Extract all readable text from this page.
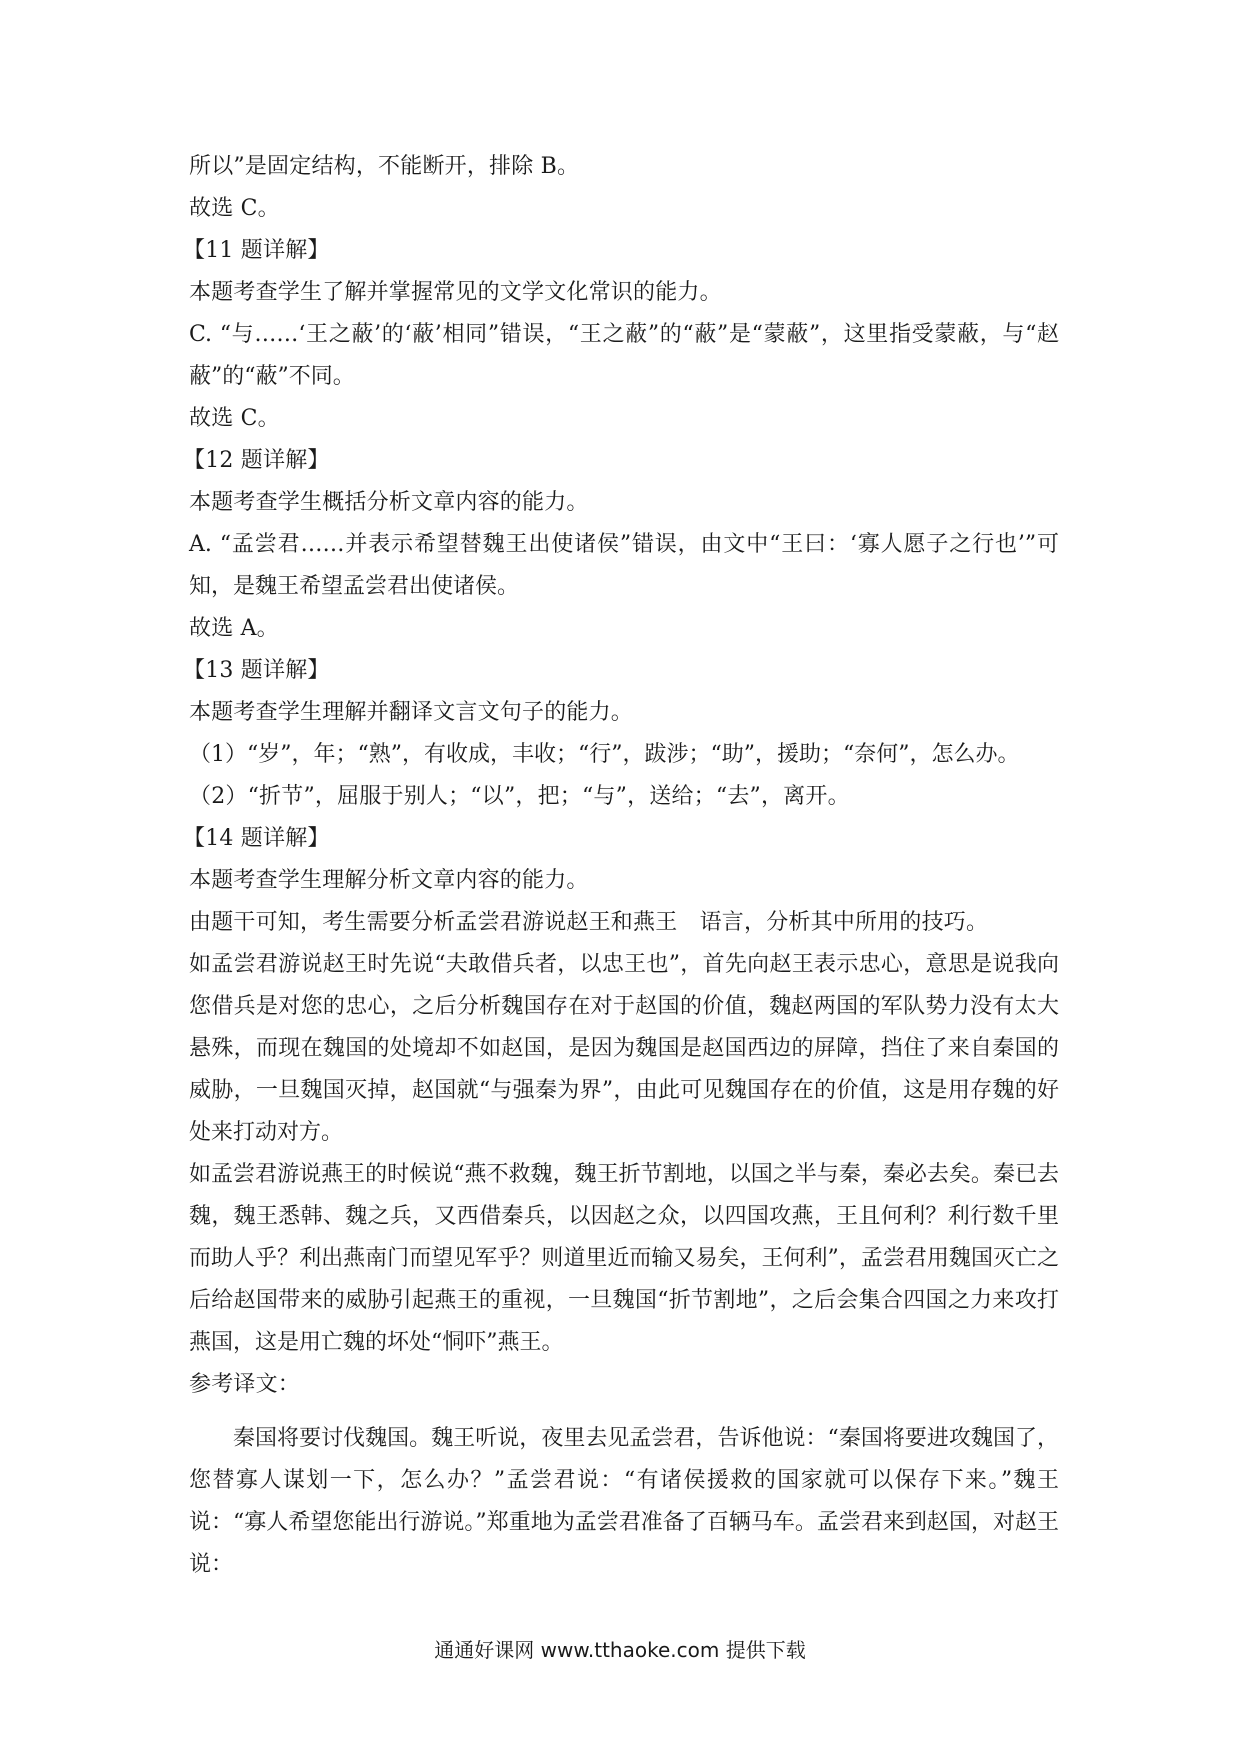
所以”是固定结构，不能断开，排除 B。
故选 C。
【11 题详解】
本题考查学生了解并掌握常见的文学文化常识的能力。
C. “与……‘王之蔽’的‘蔽’相同”错误，“王之蔽”的“蔽”是“蒙蔽”，这里指受蒙蔽，与“赵蔽”的“蔽”不同。
故选 C。
【12 题详解】
本题考查学生概括分析文章内容的能力。
A. “孟尝君……并表示希望替魏王出使诸侯”错误，由文中“王曰：‘寡人愿子之行也’”可知，是魏王希望孟尝君出使诸侯。
故选 A。
【13 题详解】
本题考查学生理解并翻译文言文句子的能力。
（1）“岁”，年；“熟”，有收成，丰收；“行”，跋涉；“助”，援助；“奈何”，怎么办。
（2）“折节”，屈服于别人；“以”，把；“与”，送给；“去”，离开。
【14 题详解】
本题考查学生理解分析文章内容的能力。
由题干可知，考生需要分析孟尝君游说赵王和燕王　语言，分析其中所用的技巧。
如孟尝君游说赵王时先说“夫敢借兵者，以忠王也”，首先向赵王表示忠心，意思是说我向您借兵是对您的忠心，之后分析魏国存在对于赵国的价值，魏赵两国的军队势力没有太大悬殊，而现在魏国的处境却不如赵国，是因为魏国是赵国西边的屏障，挡住了来自秦国的威胁，一旦魏国灭掉，赵国就“与强秦为界”，由此可见魏国存在的价值，这是用存魏的好处来打动对方。
如孟尝君游说燕王的时候说“燕不救魏，魏王折节割地，以国之半与秦，秦必去矣。秦已去魏，魏王悉韩、魏之兵，又西借秦兵，以因赵之众，以四国攻燕，王且何利？利行数千里而助人乎？利出燕南门而望见军乎？则道里近而输又易矣，王何利”，孟尝君用魏国灭亡之后给赵国带来的威胁引起燕王的重视，一旦魏国“折节割地”，之后会集合四国之力来攻打燕国，这是用亡魏的坏处“恫吓”燕王。
参考译文：
秦国将要讨伐魏国。魏王听说，夜里去见孟尝君，告诉他说：“秦国将要进攻魏国了，您替寡人谋划一下，怎么办？”孟尝君说：“有诸侯援救的国家就可以保存下来。”魏王说：“寡人希望您能出行游说。”郑重地为孟尝君准备了百辆马车。孟尝君来到赵国，对赵王说：
通通好课网 www.tthaoke.com 提供下载
